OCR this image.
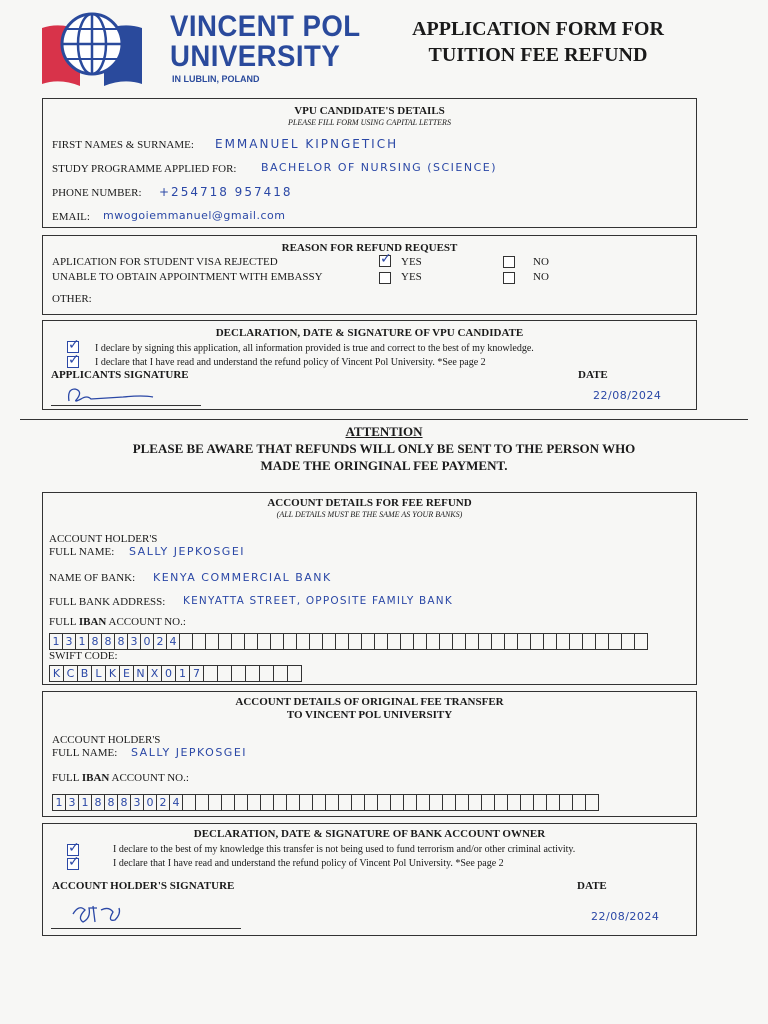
VINCENT POL
UNIVERSITY
IN LUBLIN, POLAND
APPLICATION FORM FOR
TUITION FEE REFUND
VPU CANDIDATE'S DETAILS
PLEASE FILL FORM USING CAPITAL LETTERS
FIRST NAMES & SURNAME: EMMANUEL KIPNGETICH
STUDY PROGRAMME APPLIED FOR: BACHELOR OF NURSING (SCIENCE)
PHONE NUMBER: +254718 957418
EMAIL: mwogoiemmanuel@gmail.com
REASON FOR REFUND REQUEST
APLICATION FOR STUDENT VISA REJECTED
✓	YES	NO
UNABLE TO OBTAIN APPOINTMENT WITH EMBASSY	YES	NO
OTHER:
DECLARATION, DATE & SIGNATURE OF VPU CANDIDATE
✓
I declare by signing this application, all information provided is true and correct to the best of my knowledge.
✓
I declare that I have read and understand the refund policy of Vincent Pol University. *See page 2
APPLICANTS SIGNATURE	DATE
22/08/2024
ATTENTION
PLEASE BE AWARE THAT REFUNDS WILL ONLY BE SENT TO THE PERSON WHO
MADE THE ORINGINAL FEE PAYMENT.
ACCOUNT DETAILS FOR FEE REFUND
(ALL DETAILS MUST BE THE SAME AS YOUR BANKS)
ACCOUNT HOLDER'S
FULL NAME: SALLY JEPKOSGEI
NAME OF BANK: KENYA COMMERCIAL BANK
FULL BANK ADDRESS: KENYATTA STREET, OPPOSITE FAMILY BANK
FULL IBAN ACCOUNT NO.:
1 3 1 8 8 8 3 0 2 4
SWIFT CODE:
K C B L K E N X 0 1 7
ACCOUNT DETAILS OF ORIGINAL FEE TRANSFER
TO VINCENT POL UNIVERSITY
ACCOUNT HOLDER'S
FULL NAME: SALLY JEPKOSGEI
FULL IBAN ACCOUNT NO.:
1 3 1 8 8 8 3 0 2 4
DECLARATION, DATE & SIGNATURE OF BANK ACCOUNT OWNER
✓
I declare to the best of my knowledge this transfer is not being used to fund terrorism and/or other criminal activity.
✓
I declare that I have read and understand the refund policy of Vincent Pol University. *See page 2
ACCOUNT HOLDER'S SIGNATURE	DATE
22/08/2024
